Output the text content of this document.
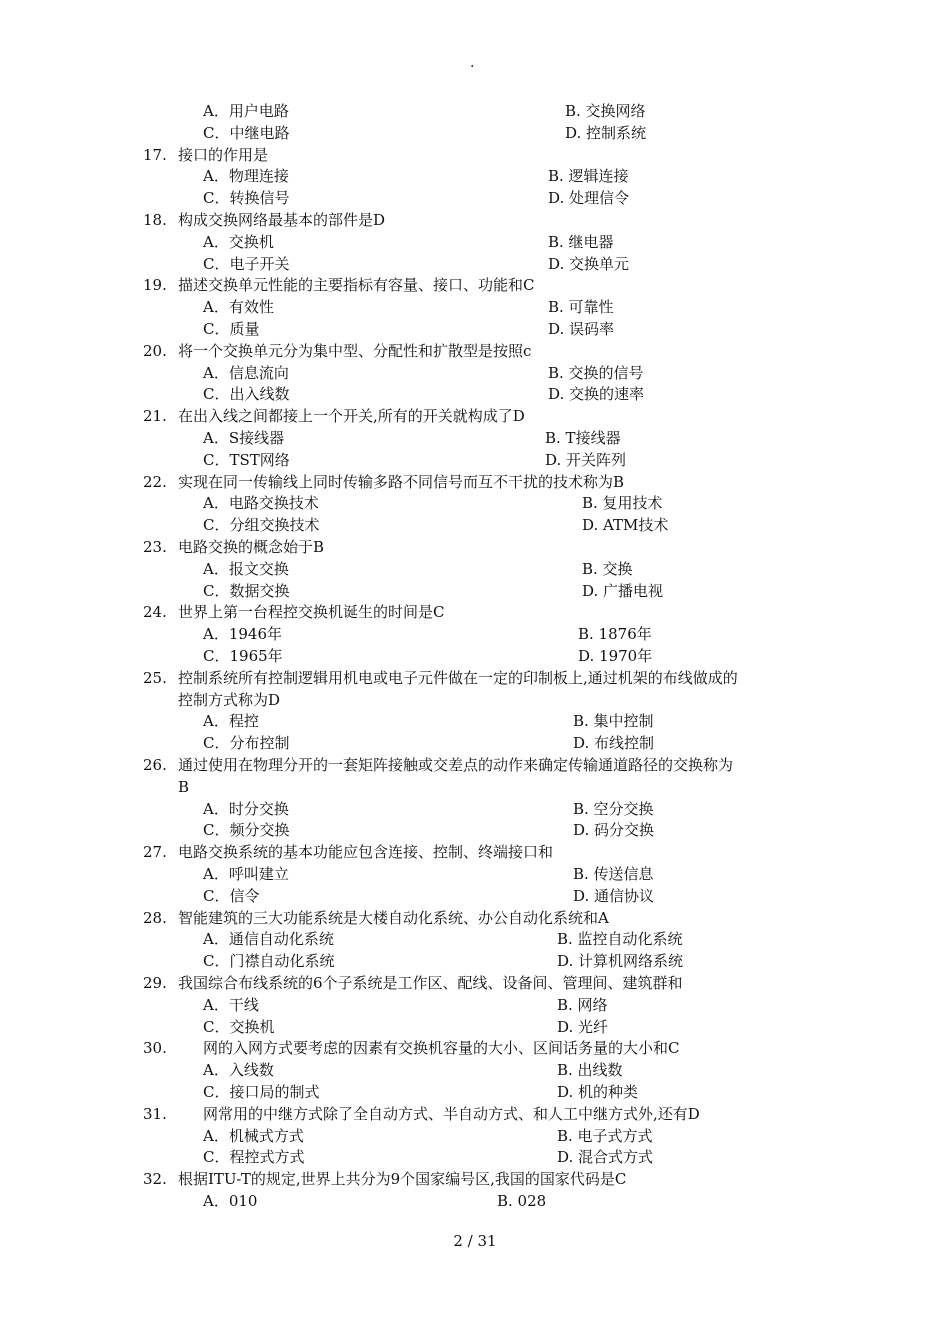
.
A．用户电路	B. 交换网络
C．中继电路	D. 控制系统
17. 接口的作用是
A．物理连接	B. 逻辑连接
C．转换信号	D. 处理信令
18. 构成交换网络最基本的部件是D
A．交换机	B. 继电器
C．电子开关	D. 交换单元
19. 描述交换单元性能的主要指标有容量、接口、功能和C
A．有效性	B. 可靠性
C．质量	D. 误码率
20. 将一个交换单元分为集中型、分配性和扩散型是按照c
A．信息流向	B. 交换的信号
C．出入线数	D. 交换的速率
21. 在出入线之间都接上一个开关,所有的开关就构成了D
A．S接线器	B. T接线器
C．TST网络	D. 开关阵列
22. 实现在同一传输线上同时传输多路不同信号而互不干扰的技术称为B
A．电路交换技术	B. 复用技术
C．分组交换技术	D. ATM技术
23. 电路交换的概念始于B
A．报文交换	B. 交换
C．数据交换	D. 广播电视
24. 世界上第一台程控交换机诞生的时间是C
A．1946年	B. 1876年
C．1965年	D. 1970年
25. 控制系统所有控制逻辑用机电或电子元件做在一定的印制板上,通过机架的布线做成的
控制方式称为D
A．程控	B. 集中控制
C．分布控制	D. 布线控制
26. 通过使用在物理分开的一套矩阵接触或交差点的动作来确定传输通道路径的交换称为
B
A．时分交换	B. 空分交换
C．频分交换	D. 码分交换
27. 电路交换系统的基本功能应包含连接、控制、终端接口和
A．呼叫建立	B. 传送信息
C．信令	D. 通信协议
28. 智能建筑的三大功能系统是大楼自动化系统、办公自动化系统和A
A．通信自动化系统	B. 监控自动化系统
C．门襟自动化系统	D. 计算机网络系统
29. 我国综合布线系统的6个子系统是工作区、配线、设备间、管理间、建筑群和
A．干线	B. 网络
C．交换机	D. 光纤
30. 网的入网方式要考虑的因素有交换机容量的大小、区间话务量的大小和C
A．入线数	B. 出线数
C．接口局的制式	D. 机的种类
31. 网常用的中继方式除了全自动方式、半自动方式、和人工中继方式外,还有D
A．机械式方式	B. 电子式方式
C．程控式方式	D. 混合式方式
32. 根据ITU-T的规定,世界上共分为9个国家编号区,我国的国家代码是C
A．010	B. 028
2 / 31
